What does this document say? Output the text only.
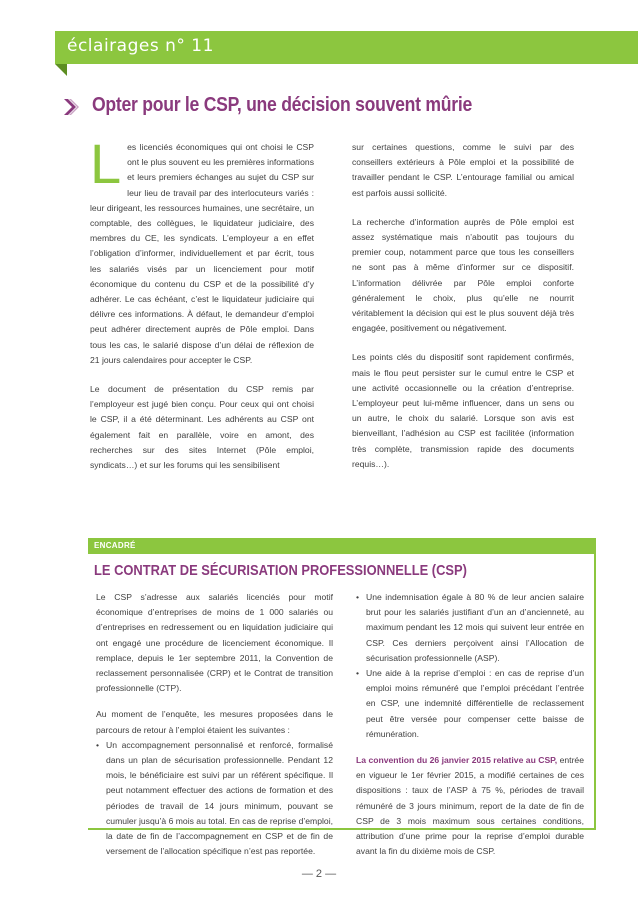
éclairages n° 11
Opter pour le CSP, une décision souvent mûrie

L es licenciés économiques qui ont choisi le CSP ont le plus souvent eu les premières informations et leurs premiers échanges au sujet du CSP sur leur lieu de travail par des interlocuteurs variés : leur dirigeant, les ressources humaines, une secrétaire, un comptable, des collègues, le liquidateur judiciaire, des membres du CE, les syndicats. L’employeur a en effet l’obligation d’informer, individuellement et par écrit, tous les salariés visés par un licenciement pour motif économique du contenu du CSP et de la possibilité d’y adhérer. Le cas échéant, c’est le liquidateur judiciaire qui délivre ces informations. À défaut, le demandeur d’emploi peut adhérer directement auprès de Pôle emploi. Dans tous les cas, le salarié dispose d’un délai de réflexion de 21 jours calendaires pour accepter le CSP.

Le document de présentation du CSP remis par l’employeur est jugé bien conçu. Pour ceux qui ont choisi le CSP, il a été déterminant. Les adhérents au CSP ont également fait en parallèle, voire en amont, des recherches sur des sites Internet (Pôle emploi, syndicats…) et sur les forums qui les sensibilisent

sur certaines questions, comme le suivi par des conseillers extérieurs à Pôle emploi et la possibilité de travailler pendant le CSP. L’entourage familial ou amical est parfois aussi sollicité.

La recherche d’information auprès de Pôle emploi est assez systématique mais n’aboutit pas toujours du premier coup, notamment parce que tous les conseillers ne sont pas à même d’informer sur ce dispositif. L’information délivrée par Pôle emploi conforte généralement le choix, plus qu’elle ne nourrit véritablement la décision qui est le plus souvent déjà très engagée, positivement ou négativement.

Les points clés du dispositif sont rapidement confirmés, mais le flou peut persister sur le cumul entre le CSP et une activité occasionnelle ou la création d’entreprise. L’employeur peut lui-même influencer, dans un sens ou un autre, le choix du salarié. Lorsque son avis est bienveillant, l’adhésion au CSP est facilitée (information très complète, transmission rapide des documents requis…).

ENCADRÉ
LE CONTRAT DE SÉCURISATION PROFESSIONNELLE (CSP)

Le CSP s’adresse aux salariés licenciés pour motif économique d’entreprises de moins de 1 000 salariés ou d’entreprises en redressement ou en liquidation judiciaire qui ont engagé une procédure de licenciement économique. Il remplace, depuis le 1er septembre 2011, la Convention de reclassement personnalisée (CRP) et le Contrat de transition professionnelle (CTP).

Au moment de l’enquête, les mesures proposées dans le parcours de retour à l’emploi étaient les suivantes :

• Un accompagnement personnalisé et renforcé, formalisé dans un plan de sécurisation professionnelle. Pendant 12 mois, le bénéficiaire est suivi par un référent spécifique. Il peut notamment effectuer des actions de formation et des périodes de travail de 14 jours minimum, pouvant se cumuler jusqu’à 6 mois au total. En cas de reprise d’emploi, la date de fin de l’accompagnement en CSP et de fin de versement de l’allocation spécifique n’est pas reportée.
• Une indemnisation égale à 80 % de leur ancien salaire brut pour les salariés justifiant d’un an d’ancienneté, au maximum pendant les 12 mois qui suivent leur entrée en CSP. Ces derniers perçoivent ainsi l’Allocation de sécurisation professionnelle (ASP).
• Une aide à la reprise d’emploi : en cas de reprise d’un emploi moins rémunéré que l’emploi précédant l’entrée en CSP, une indemnité différentielle de reclassement peut être versée pour compenser cette baisse de rémunération.

La convention du 26 janvier 2015 relative au CSP, entrée en vigueur le 1er février 2015, a modifié certaines de ces dispositions : taux de l’ASP à 75 %, périodes de travail rémunéré de 3 jours minimum, report de la date de fin de CSP de 3 mois maximum sous certaines conditions, attribution d’une prime pour la reprise d’emploi durable avant la fin du dixième mois de CSP.

— 2 —
